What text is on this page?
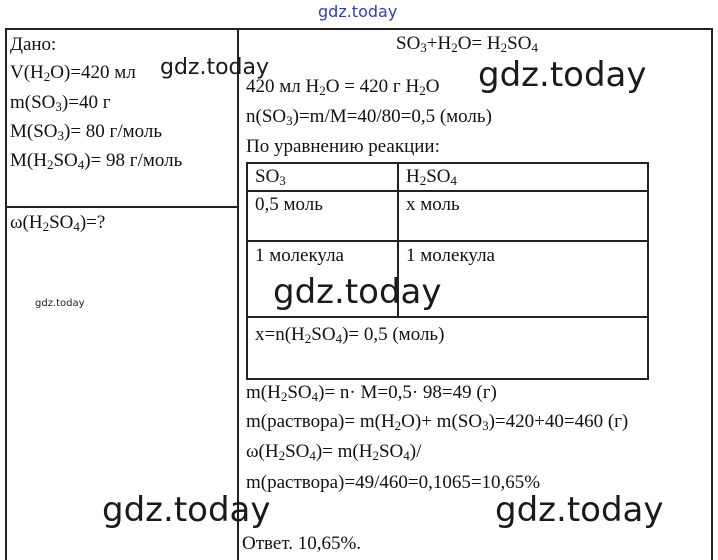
gdz.today
Дано:
$V(H_2O)=420$ мл
$m(SO_3)=40$ г
$M(SO_3)= 80$ г/моль
$M(H_2SO_4)= 98$ г/моль
gdz.today
$\omega(H_2SO_4)=$?
gdz.today
$SO_3+H_2O= H_2SO_4$
gdz.today
420 мл $H_2O = 420$ г $H_2O$
$n(SO_3)=m/M=40/80=0,5$ (моль)
По уравнению реакции:
$SO_3$	$H_2SO_4$
0,5 моль	x моль
1 молекула	1 молекула
$x=n(H_2SO_4)= 0,5$ (моль)
gdz.today
$m(H_2SO_4)= n\cdot M=0,5\cdot 98=49$ (г)
m(раствора)= $m(H_2O)+ m(SO_3)=420+40=460$ (г)
$\omega(H_2SO_4)= m(H_2SO_4)/$
m(раствора)=49/460=0,1065=10,65%
Ответ. 10,65%.
gdz.today	gdz.today
